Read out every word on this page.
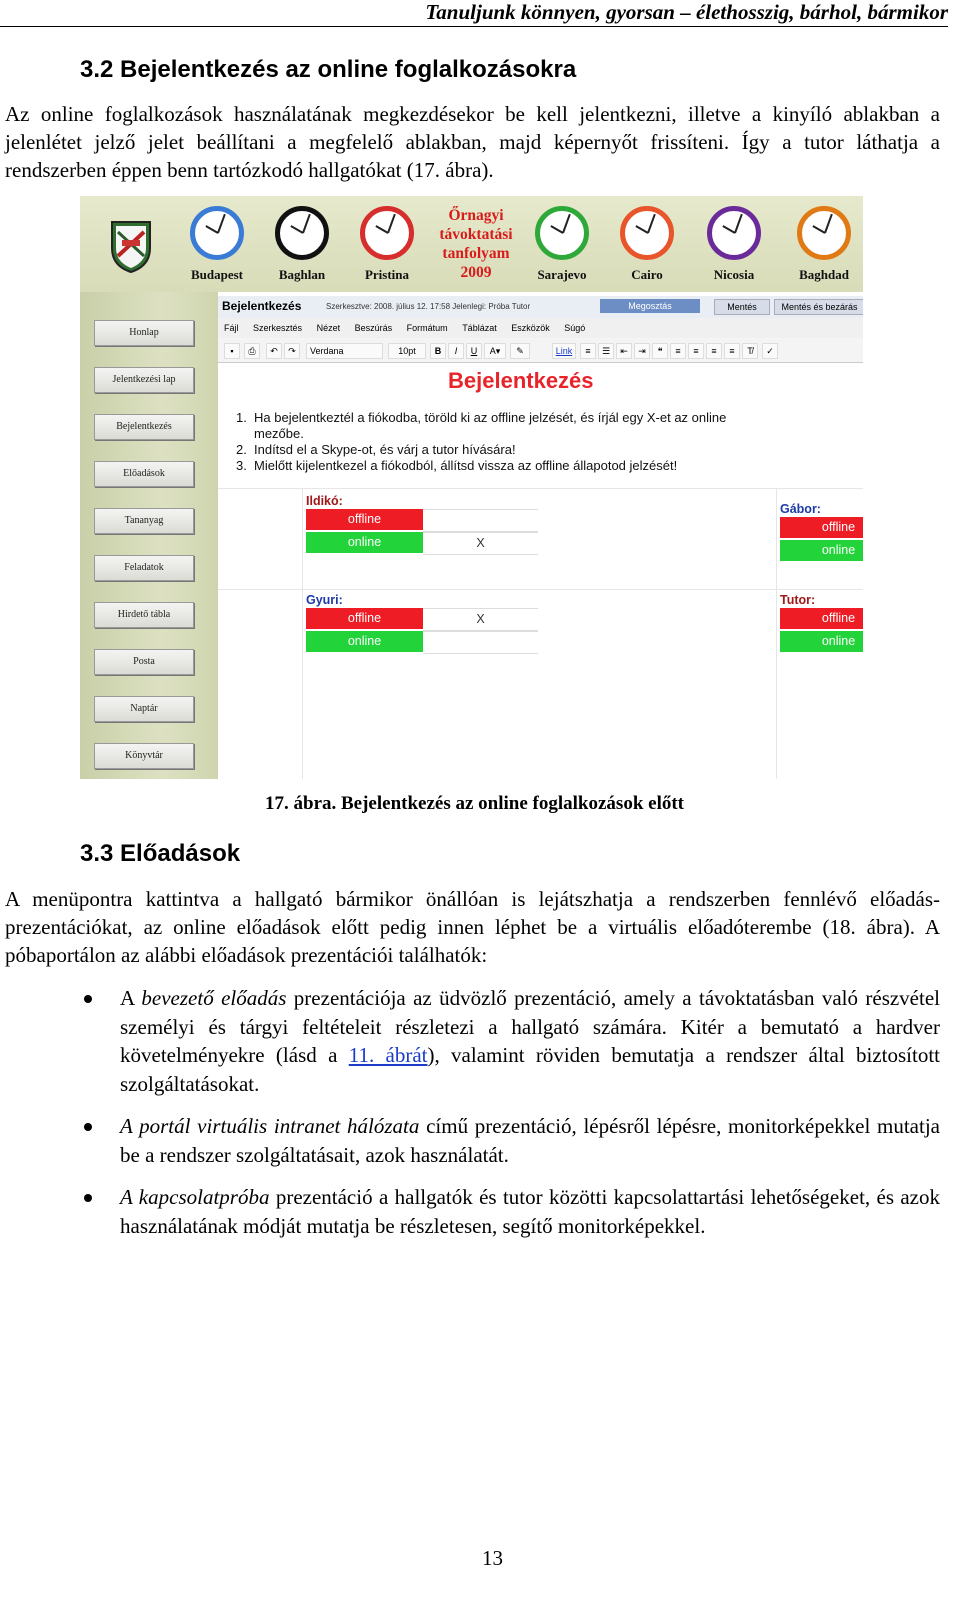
Tanuljunk könnyen, gyorsan – élethosszig, bárhol, bármikor
3.2 Bejelentkezés az online foglalkozásokra
Az online foglalkozások használatának megkezdésekor be kell jelentkezni, illetve a kinyíló ablakban a jelenlétet jelző jelet beállítani a megfelelő ablakban, majd képernyőt frissíteni. Így a tutor láthatja a rendszerben éppen benn tartózkodó hallgatókat (17. ábra).
Budapest	Baghlan	Pristina
Őrnagyi
távoktatási
tanfolyam
2009	Sarajevo	Cairo	Nicosia	Baghdad
Honlap
Jelentkezési lap
Bejelentkezés
Előadások
Tananyag
Feladatok
Hirdető tábla
Posta
Naptár
Könyvtár
Bejelentkezés	Szerkesztve: 2008. július 12. 17:58 Jelenlegi: Próba Tutor	Megosztás	Mentés	Mentés és bezárás
Fájl Szerkesztés Nézet Beszúrás Formátum Táblázat Eszközök Súgó
▪	⎙	↶	↷	Verdana	10pt	B	I	U	A▾	✎	Link	≡	☰	⇤	⇥	❝	≡	≡	≡	≡	T̸	✓
Bejelentkezés
1. Ha bejelentkeztél a fiókodba, töröld ki az offline jelzését, és írjál egy X-et az online
mezőbe.
2. Indítsd el a Skype-ot, és várj a tutor hívására!
3. Mielőtt kijelentkezel a fiókodból, állítsd vissza az offline állapotod jelzését!
Ildikó:
offline
online	X
Gábor:
offline
online
Gyuri:
offline	X
online
Tutor:
offline
online
17. ábra. Bejelentkezés az online foglalkozások előtt
3.3 Előadások
A menüpontra kattintva a hallgató bármikor önállóan is lejátszhatja a rendszerben fennlévő előadás-prezentációkat, az online előadások előtt pedig innen léphet be a virtuális előadóterembe (18. ábra). A póbaportálon az alábbi előadások prezentációi találhatók:
A bevezető előadás prezentációja az üdvözlő prezentáció, amely a távoktatásban való részvétel személyi és tárgyi feltételeit részletezi a hallgató számára. Kitér a bemutató a hardver követelményekre (lásd a 11. ábrát), valamint röviden bemutatja a rendszer által biztosított szolgáltatásokat.
A portál virtuális intranet hálózata című prezentáció, lépésről lépésre, monitorképekkel mutatja be a rendszer szolgáltatásait, azok használatát.
A kapcsolatpróba prezentáció a hallgatók és tutor közötti kapcsolattartási lehetőségeket, és azok használatának módját mutatja be részletesen, segítő monitorképekkel.
13
